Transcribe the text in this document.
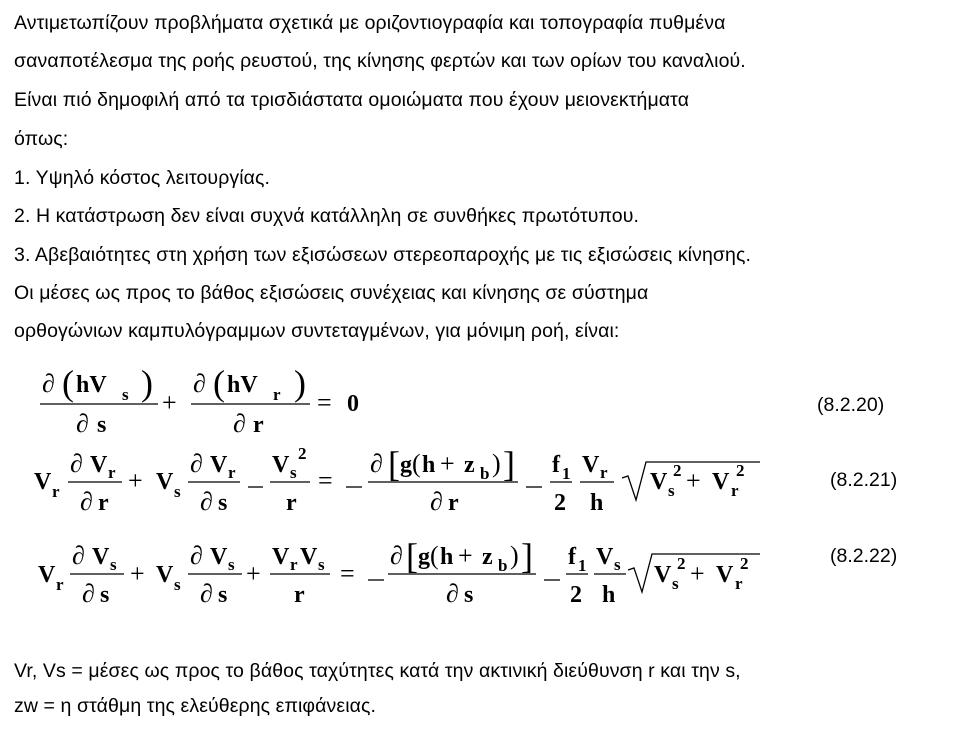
Αντιμετωπίζουν προβλήματα σχετικά με οριζοντιογραφία και τοπογραφία πυθμένα
σαναποτέλεσμα της ροής ρευστού, της κίνησης φερτών και των ορίων του καναλιού.
Είναι πιό δημοφιλή από τα τρισδιάστατα ομοιώματα που έχουν μειονεκτήματα
όπως:
1. Υψηλό κόστος λειτουργίας.
2. Η κατάστρωση δεν είναι συχνά κατάλληλη σε συνθήκες πρωτότυπου.
3. Αβεβαιότητες στη χρήση των εξισώσεων στερεοπαροχής με τις εξισώσεις κίνησης.
Οι μέσες ως προς το βάθος εξισώσεις συνέχειας και κίνησης σε σύστημα
ορθογώνιων καμπυλόγραμμων συντεταγμένων, για μόνιμη ροή, είναι:
∂ ( hV s )
∂ s
+
∂ ( hV r )
∂ r
= 0	(8.2.20)
V r
∂ V r
∂ r
+ V s
∂ V r
∂ s
V s
2
r
=
∂ [ g ( h + z b ) ]
∂ r
f 1
2
V r
h
V s
2 + V r
2	(8.2.21)
V r
∂ V s
∂ s
+ V s
∂ V s
∂ s
+
V r V s
r
=
∂ [ g ( h + z b ) ]
∂ s
f 1
2
V s
h
V s
2 + V r
2	(8.2.22)
Vr, Vs = μέσες ως προς το βάθος ταχύτητες κατά την ακτινική διεύθυνση r και την s,
zw = η στάθμη της ελεύθερης επιφάνειας.
